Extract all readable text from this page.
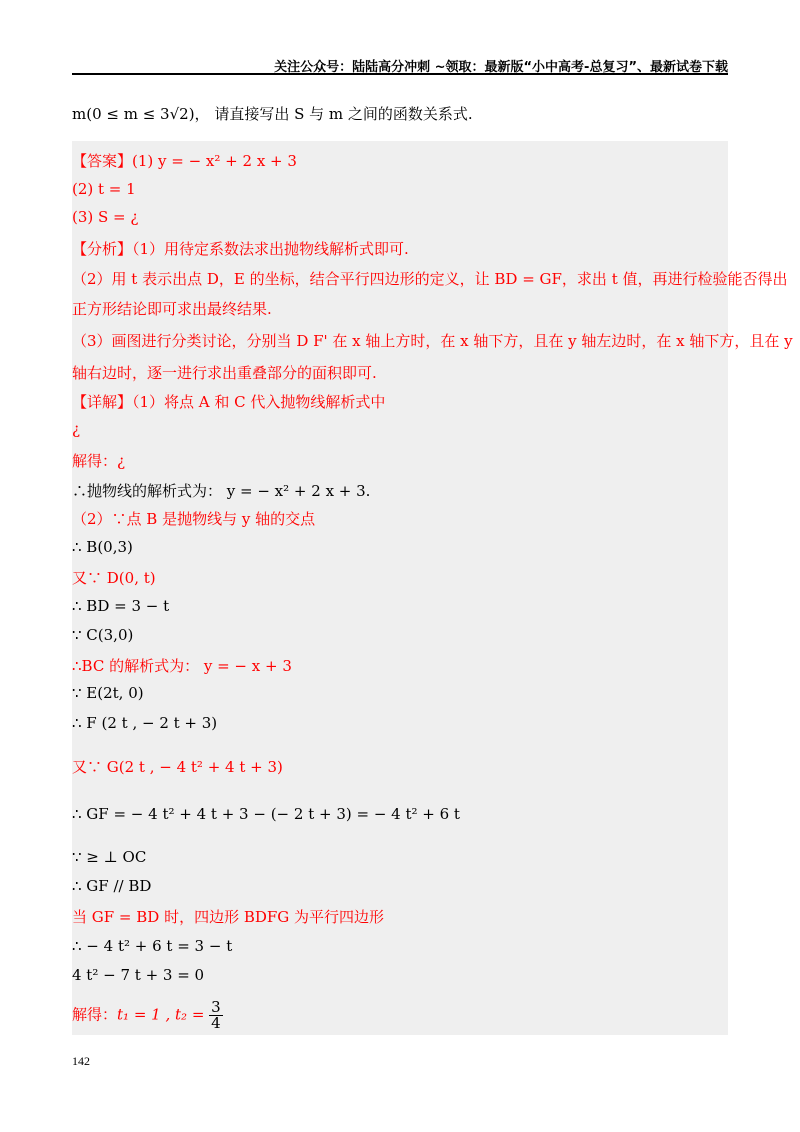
关注公众号：陆陆高分冲刺 ~领取：最新版“小中高考-总复习”、最新试卷下载
m(0 ≤ m ≤ 3√2)， 请直接写出 S 与 m 之间的函数关系式.
【答案】(1) y = − x² + 2 x + 3
(2) t = 1
(3) S = ¿
【分析】（1）用待定系数法求出抛物线解析式即可.
（2）用 t 表示出点 D，E 的坐标，结合平行四边形的定义，让 BD = GF，求出 t 值，再进行检验能否得出
正方形结论即可求出最终结果.
（3）画图进行分类讨论，分别当 D F' 在 x 轴上方时，在 x 轴下方，且在 y 轴左边时，在 x 轴下方，且在 y
轴右边时，逐一进行求出重叠部分的面积即可.
【详解】（1）将点 A 和 C 代入抛物线解析式中
¿
解得：¿
∴抛物线的解析式为： y = − x² + 2 x + 3.
（2）∵点 B 是抛物线与 y 轴的交点
∴ B(0,3)
又∵ D(0, t)
∴ BD = 3 − t
∵ C(3,0)
∴BC 的解析式为： y = − x + 3
∵ E(2t, 0)
∴ F (2 t , − 2 t + 3)
又∵ G(2 t , − 4 t² + 4 t + 3)
∴ GF = − 4 t² + 4 t + 3 − (− 2 t + 3) = − 4 t² + 6 t
∵ ≥ ⊥ OC
∴ GF // BD
当 GF = BD 时，四边形 BDFG 为平行四边形
∴ − 4 t² + 6 t = 3 − t
4 t² − 7 t + 3 = 0
解得：t₁ = 1 , $t_2 = \frac{3}{4}$
142
